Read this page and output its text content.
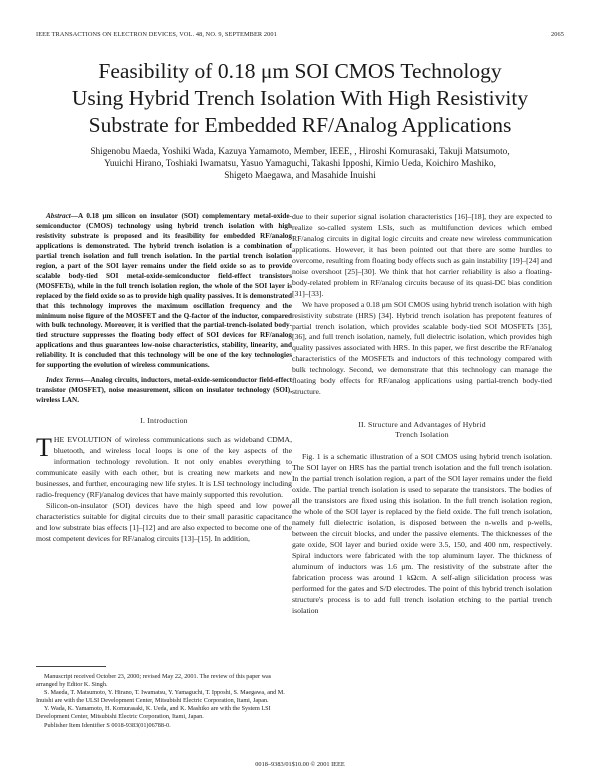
IEEE TRANSACTIONS ON ELECTRON DEVICES, VOL. 48, NO. 9, SEPTEMBER 2001	2065
Feasibility of 0.18 μm SOI CMOS Technology
Using Hybrid Trench Isolation With High Resistivity
Substrate for Embedded RF/Analog Applications
Shigenobu Maeda, Yoshiki Wada, Kazuya Yamamoto, Member, IEEE, , Hiroshi Komurasaki, Takuji Matsumoto,
Yuuichi Hirano, Toshiaki Iwamatsu, Yasuo Yamaguchi, Takashi Ipposhi, Kimio Ueda, Koichiro Mashiko,
Shigeto Maegawa, and Masahide Inuishi

Abstract—A 0.18 μm silicon on insulator (SOI) complementary metal-oxide-semiconductor (CMOS) technology using hybrid trench isolation with high resistivity substrate is proposed and its feasibility for embedded RF/analog applications is demonstrated. The hybrid trench isolation is a combination of partial trench isolation and full trench isolation. In the partial trench isolation region, a part of the SOI layer remains under the field oxide so as to provide scalable body-tied SOI metal-oxide-semiconductor field-effect transistors (MOSFETs), while in the full trench isolation region, the whole of the SOI layer is replaced by the field oxide so as to provide high quality passives. It is demonstrated that this technology improves the maximum oscillation frequency and the minimum noise figure of the MOSFET and the Q-factor of the inductor, compared with bulk technology. Moreover, it is verified that the partial-trench-isolated body-tied structure suppresses the floating body effect of SOI devices for RF/analog applications and thus guarantees low-noise characteristics, stability, linearity, and reliability. It is concluded that this technology will be one of the key technologies for supporting the evolution of wireless communications.

Index Terms—Analog circuits, inductors, metal-oxide-semiconductor field-effect transistor (MOSFET), noise measurement, silicon on insulator technology (SOI), wireless LAN.

I. Introduction

THE EVOLUTION of wireless communications such as wideband CDMA, bluetooth, and wireless local loops is one of the key aspects of the information technology revolution. It not only enables everything to communicate easily with each other, but is creating new markets and new businesses, and further, encouraging new life styles. It is LSI technology including radio-frequency (RF)/analog devices that have mainly supported this revolution.

Silicon-on-insulator (SOI) devices have the high speed and low power characteristics suitable for digital circuits due to their small parasitic capacitance and low substrate bias effects [1]–[12] and are also expected to become one of the most competent devices for RF/analog circuits [13]–[15]. In addition,

Manuscript received October 23, 2000; revised May 22, 2001. The review of this paper was arranged by Editor K. Singh.

S. Maeda, T. Matsumoto, Y. Hirano, T. Iwamatsu, Y. Yamaguchi, T. Ipposhi, S. Maegawa, and M. Inuishi are with the ULSI Development Center, Mitsubishi Electric Corporation, Itami, Japan.

Y. Wada, K. Yamamoto, H. Komurasaki, K. Ueda, and K. Mashiko are with the System LSI Development Center, Mitsubishi Electric Corporation, Itami, Japan.

Publisher Item Identifier S 0018-9383(01)06788-0.

due to their superior signal isolation characteristics [16]–[18], they are expected to realize so-called system LSIs, such as multifunction devices which embed RF/analog circuits in digital logic circuits and create new wireless communication applications. However, it has been pointed out that there are some hurdles to overcome, resulting from floating body effects such as gain instability [19]–[24] and noise overshoot [25]–[30]. We think that hot carrier reliability is also a floating-body-related problem in RF/analog circuits because of its quasi-DC bias condition [31]–[33].

We have proposed a 0.18 μm SOI CMOS using hybrid trench isolation with high resistivity substrate (HRS) [34]. Hybrid trench isolation has prepotent features of partial trench isolation, which provides scalable body-tied SOI MOSFETs [35], [36], and full trench isolation, namely, full dielectric isolation, which provides high quality passives associated with HRS. In this paper, we first describe the RF/analog characteristics of the MOSFETs and inductors of this technology compared with bulk technology. Second, we demonstrate that this technology can manage the floating body effects for RF/analog applications using partial-trench body-tied structure.

II. Structure and Advantages of Hybrid
Trench Isolation

Fig. 1 is a schematic illustration of a SOI CMOS using hybrid trench isolation. The SOI layer on HRS has the partial trench isolation and the full trench isolation. In the partial trench isolation region, a part of the SOI layer remains under the field oxide. The partial trench isolation is used to separate the transistors. The bodies of all the transistors are fixed using this isolation. In the full trench isolation region, the whole of the SOI layer is replaced by the field oxide. The full trench isolation, namely full dielectric isolation, is disposed between the n-wells and p-wells, between the circuit blocks, and under the passive elements. The thicknesses of the gate oxide, SOI layer and buried oxide were 3.5, 150, and 400 nm, respectively. Spiral inductors were fabricated with the top aluminum layer. The thickness of aluminum of inductors was 1.6 μm. The resistivity of the substrate after the fabrication process was around 1 kΩcm. A self-align silicidation process was performed for the gates and S/D electrodes. The point of this hybrid trench isolation structure's process is to add full trench isolation etching to the partial trench isolation

0018–9383/01$10.00 © 2001 IEEE
